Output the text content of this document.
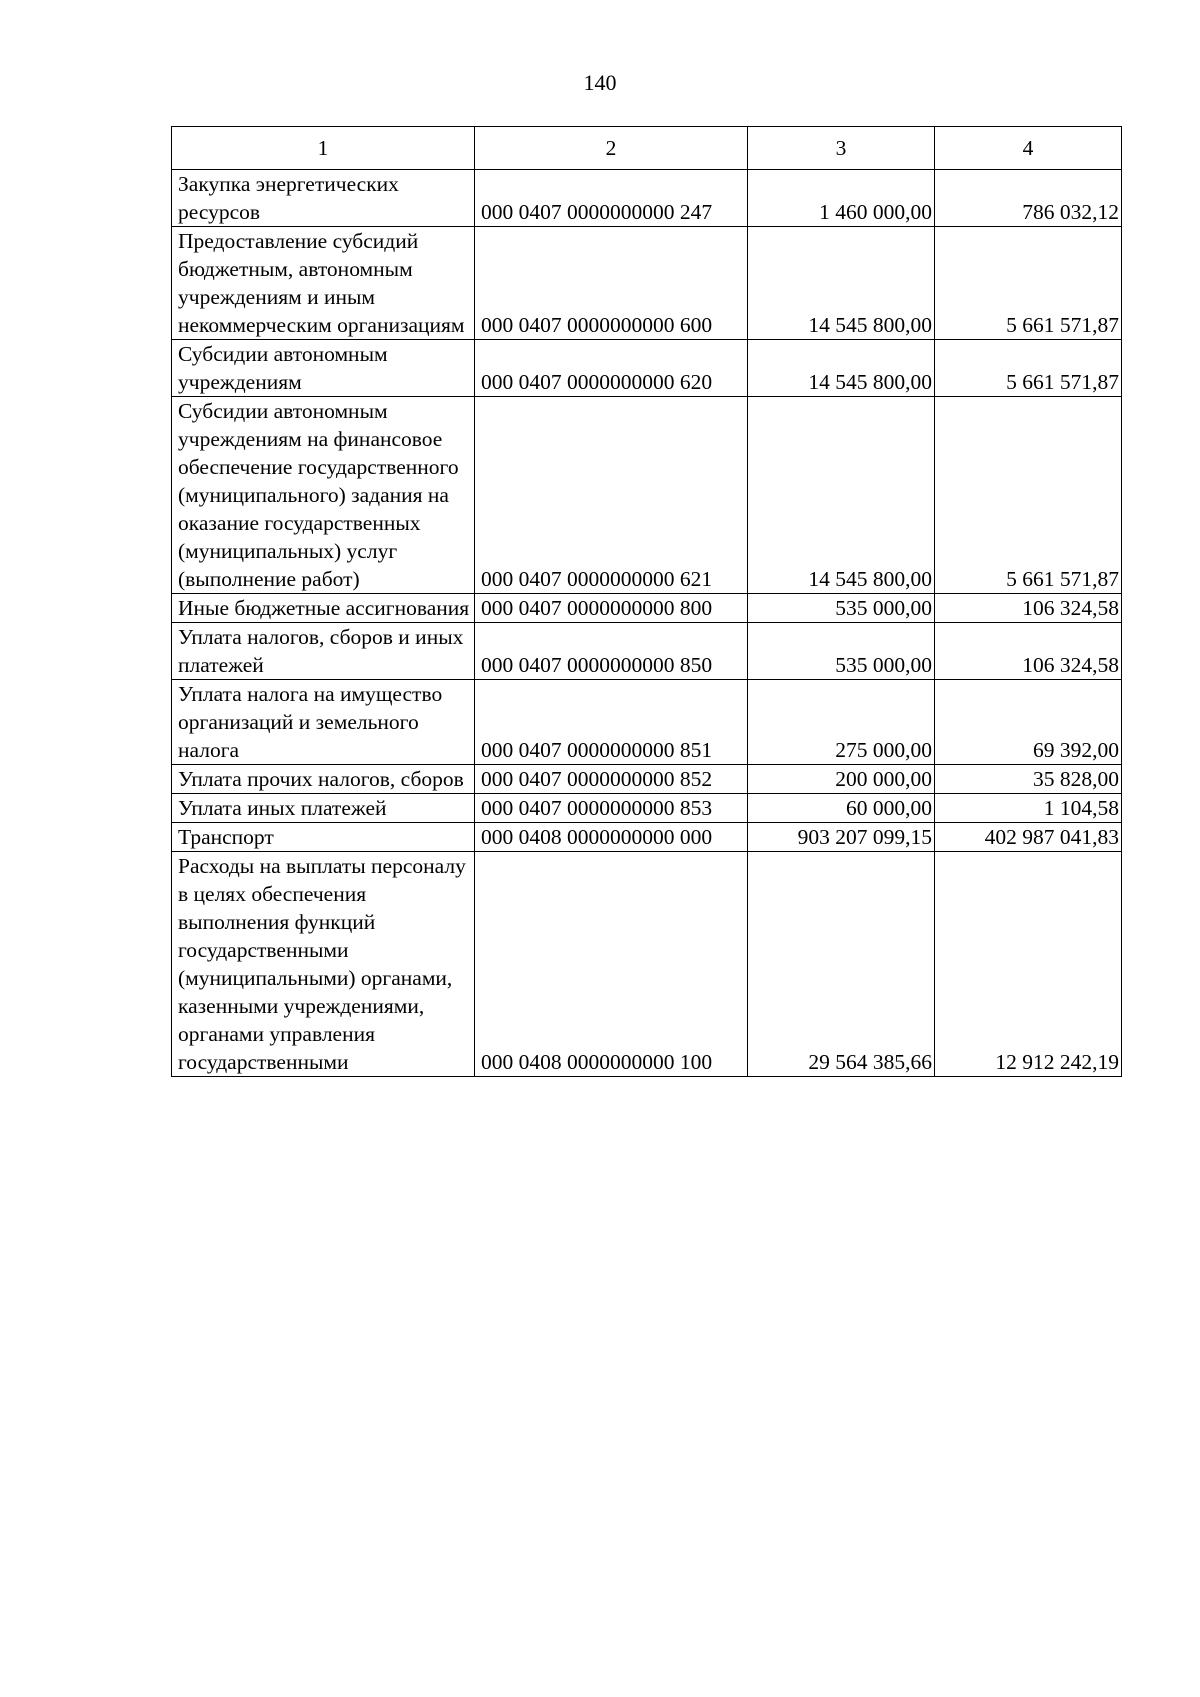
140
1	2	3	4
Закупка энергетических ресурсов	000 0407 0000000000 247	1 460 000,00	786 032,12
Предоставление субсидий бюджетным, автономным учреждениям и иным некоммерческим организациям	000 0407 0000000000 600	14 545 800,00	5 661 571,87
Субсидии автономным учреждениям	000 0407 0000000000 620	14 545 800,00	5 661 571,87
Субсидии автономным учреждениям на финансовое обеспечение государственного (муниципального) задания на оказание государственных (муниципальных) услуг (выполнение работ)	000 0407 0000000000 621	14 545 800,00	5 661 571,87
Иные бюджетные ассигнования	000 0407 0000000000 800	535 000,00	106 324,58
Уплата налогов, сборов и иных платежей	000 0407 0000000000 850	535 000,00	106 324,58
Уплата налога на имущество организаций и земельного налога	000 0407 0000000000 851	275 000,00	69 392,00
Уплата прочих налогов, сборов	000 0407 0000000000 852	200 000,00	35 828,00
Уплата иных платежей	000 0407 0000000000 853	60 000,00	1 104,58
Транспорт	000 0408 0000000000 000	903 207 099,15	402 987 041,83
Расходы на выплаты персоналу в целях обеспечения выполнения функций государственными (муниципальными) органами, казенными учреждениями, органами управления государственными	000 0408 0000000000 100	29 564 385,66	12 912 242,19
